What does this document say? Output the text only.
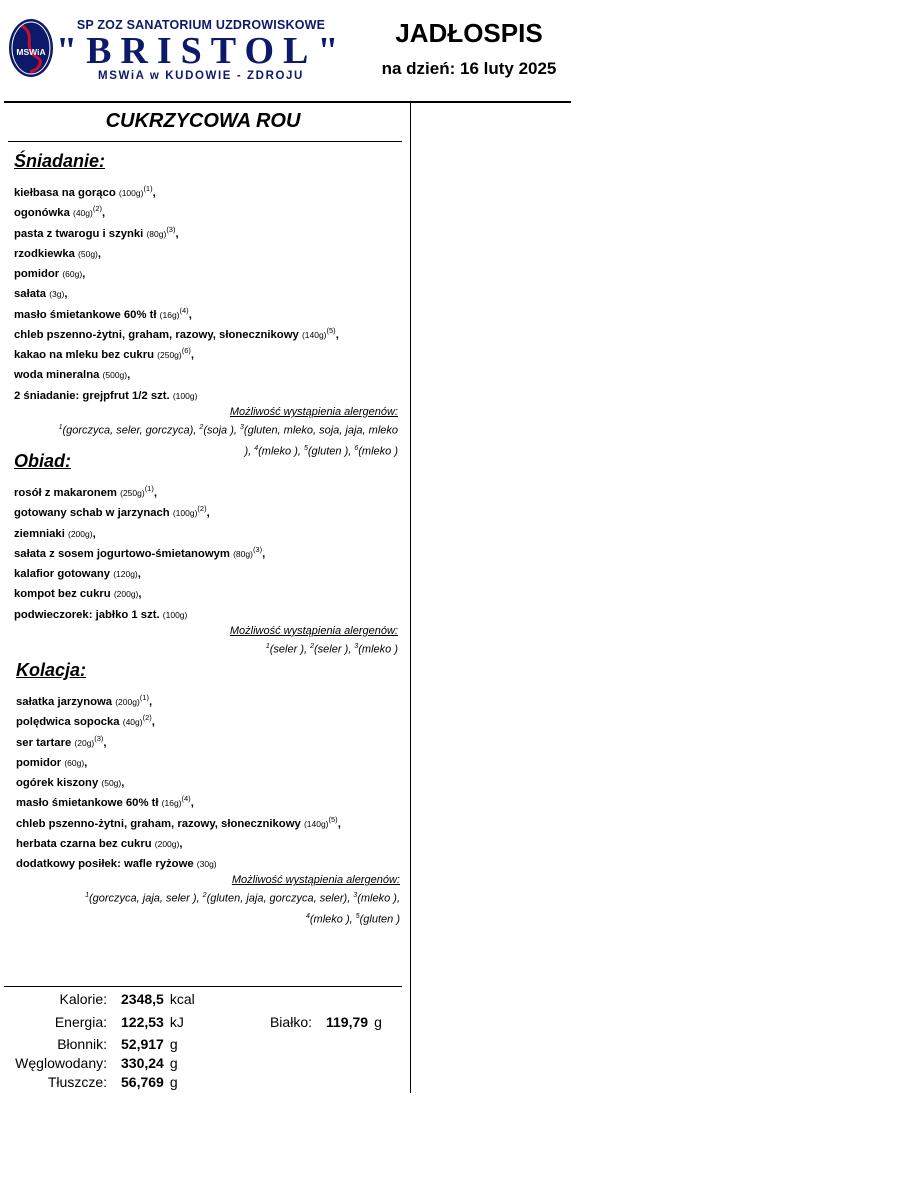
MSWiA
SP ZOZ SANATORIUM UZDROWISKOWE
"BRISTOL"
MSWiA w KUDOWIE - ZDROJU
JADŁOSPIS
na dzień: 16 luty 2025
CUKRZYCOWA ROU
Śniadanie:
kiełbasa na gorąco $(100g)^{(1)}$,
ogonówka $(40g)^{(2)}$,
pasta z twarogu i szynki $(80g)^{(3)}$,
rzodkiewka (50g),
pomidor (60g),
sałata (3g),
masło śmietankowe 60% tł $(16g)^{(4)}$,
chleb pszenno-żytni, graham, razowy, słonecznikowy $(140g)^{(5)}$,
kakao na mleku bez cukru $(250g)^{(6)}$,
woda mineralna (500g),
2 śniadanie: grejpfrut 1/2 szt. (100g)
Możliwość wystąpienia alergenów:
$^1$(gorczyca, seler, gorczyca), $^2$(soja ), $^3$(gluten, mleko, soja, jaja, mleko
), $^4$(mleko ), $^5$(gluten ), $^6$(mleko )
Obiad:
rosół z makaronem $(250g)^{(1)}$,
gotowany schab w jarzynach $(100g)^{(2)}$,
ziemniaki (200g),
sałata z sosem jogurtowo-śmietanowym $(80g)^{(3)}$,
kalafior gotowany (120g),
kompot bez cukru (200g),
podwieczorek: jabłko 1 szt. (100g)
Możliwość wystąpienia alergenów:
$^1$(seler ), $^2$(seler ), $^3$(mleko )
Kolacja:
sałatka jarzynowa $(200g)^{(1)}$,
polędwica sopocka $(40g)^{(2)}$,
ser tartare $(20g)^{(3)}$,
pomidor (60g),
ogórek kiszony (50g),
masło śmietankowe 60% tł $(16g)^{(4)}$,
chleb pszenno-żytni, graham, razowy, słonecznikowy $(140g)^{(5)}$,
herbata czarna bez cukru (200g),
dodatkowy posiłek: wafle ryżowe (30g)
Możliwość wystąpienia alergenów:
$^1$(gorczyca, jaja, seler ), $^2$(gluten, jaja, gorczyca, seler), $^3$(mleko ),
$^4$(mleko ), $^5$(gluten )
Kalorie: 2348,5 kcal
Energia: 122,53 kJ	Białko: 119,79 g
Błonnik: 52,917 g
Węglowodany: 330,24 g
Tłuszcze: 56,769 g
